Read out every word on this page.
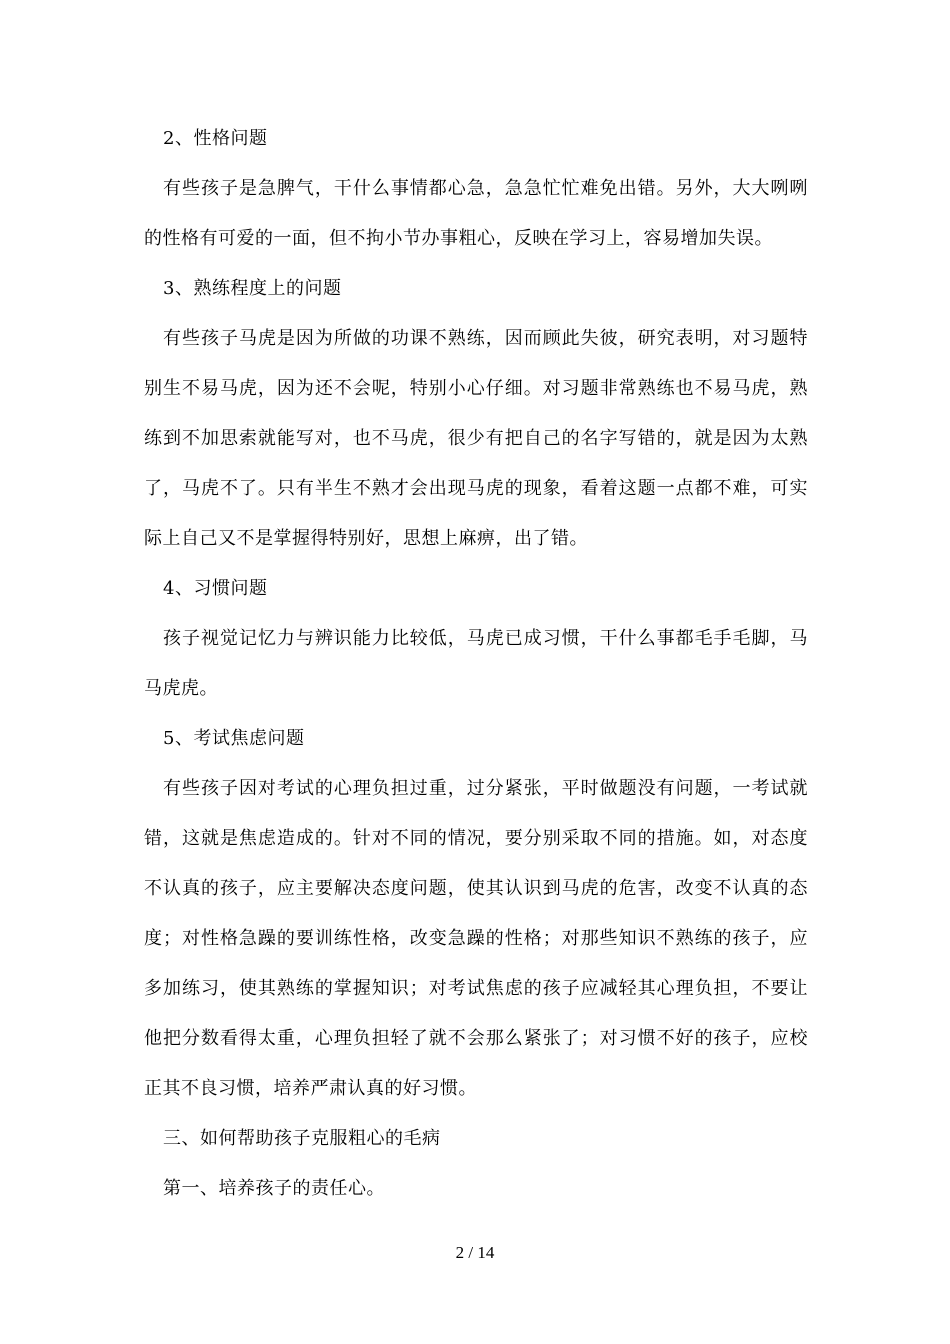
2、性格问题

有些孩子是急脾气，干什么事情都心急，急急忙忙难免出错。另外，大大咧咧的性格有可爱的一面，但不拘小节办事粗心，反映在学习上，容易增加失误。

3、熟练程度上的问题

有些孩子马虎是因为所做的功课不熟练，因而顾此失彼，研究表明，对习题特别生不易马虎，因为还不会呢，特别小心仔细。对习题非常熟练也不易马虎，熟练到不加思索就能写对，也不马虎，很少有把自己的名字写错的，就是因为太熟了，马虎不了。只有半生不熟才会出现马虎的现象，看着这题一点都不难，可实际上自己又不是掌握得特别好，思想上麻痹，出了错。

4、习惯问题

孩子视觉记忆力与辨识能力比较低，马虎已成习惯，干什么事都毛手毛脚，马马虎虎。

5、考试焦虑问题

有些孩子因对考试的心理负担过重，过分紧张，平时做题没有问题，一考试就错，这就是焦虑造成的。针对不同的情况，要分别采取不同的措施。如，对态度不认真的孩子，应主要解决态度问题，使其认识到马虎的危害，改变不认真的态度；对性格急躁的要训练性格，改变急躁的性格；对那些知识不熟练的孩子，应多加练习，使其熟练的掌握知识；对考试焦虑的孩子应减轻其心理负担，不要让他把分数看得太重，心理负担轻了就不会那么紧张了；对习惯不好的孩子，应校正其不良习惯，培养严肃认真的好习惯。

三、如何帮助孩子克服粗心的毛病

第一、培养孩子的责任心。

2 / 14
